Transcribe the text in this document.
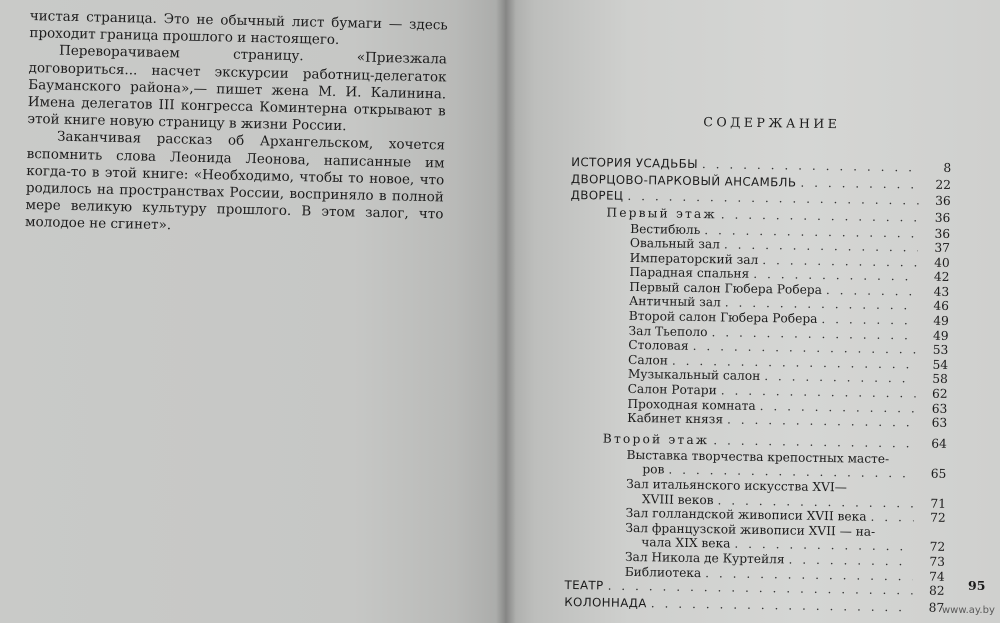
чистая страница. Это не обычный лист бумаги — здесь проходит граница прошлого и настоящего.

Переворачиваем страницу. «Приезжала договориться... насчет экскурсии работниц-делегаток Бауманского района»,— пишет жена М. И. Калинина. Имена делегатов III конгресса Коминтерна открывают в этой книге новую страницу в жизни России.

Заканчивая рассказ об Архангельском, хочется вспомнить слова Леонида Леонова, написанные им когда-то в этой книге: «Необходимо, чтобы то новое, что родилось на пространствах России, восприняло в полной мере великую культуру прошлого. В этом залог, что молодое не сгинет».

СОДЕРЖАНИЕ
ИСТОРИЯ УСАДЬБЫ . . .	8
ДВОРЦОВО-ПАРКОВЫЙ АНСАМБЛЬ . . .	22
ДВОРЕЦ . . .	36
Первый этаж . . .	36
Вестибюль . . .	36
Овальный зал . . .	37
Императорский зал . . .	40
Парадная спальня . . .	42
Первый салон Гюбера Робера . . .	43
Античный зал . . .	46
Второй салон Гюбера Робера . . .	49
Зал Тьеполо . . .	49
Столовая . . .	53
Салон . . .	54
Музыкальный салон . . .	58
Салон Ротари . . .	62
Проходная комната . . .	63
Кабинет князя . . .	63
Второй этаж . . .	64
Выставка творчества крепостных масте-
ров . . .	65
Зал итальянского искусства XVI—
XVIII веков . . .	71
Зал голландской живописи XVII века . . .	72
Зал французской живописи XVII — на-
чала XIX века . . .	72
Зал Никола де Куртейля . . .	73
Библиотека . . .	74
ТЕАТР . . .	82
КОЛОННАДА . . .	87
95
www.ay.by
